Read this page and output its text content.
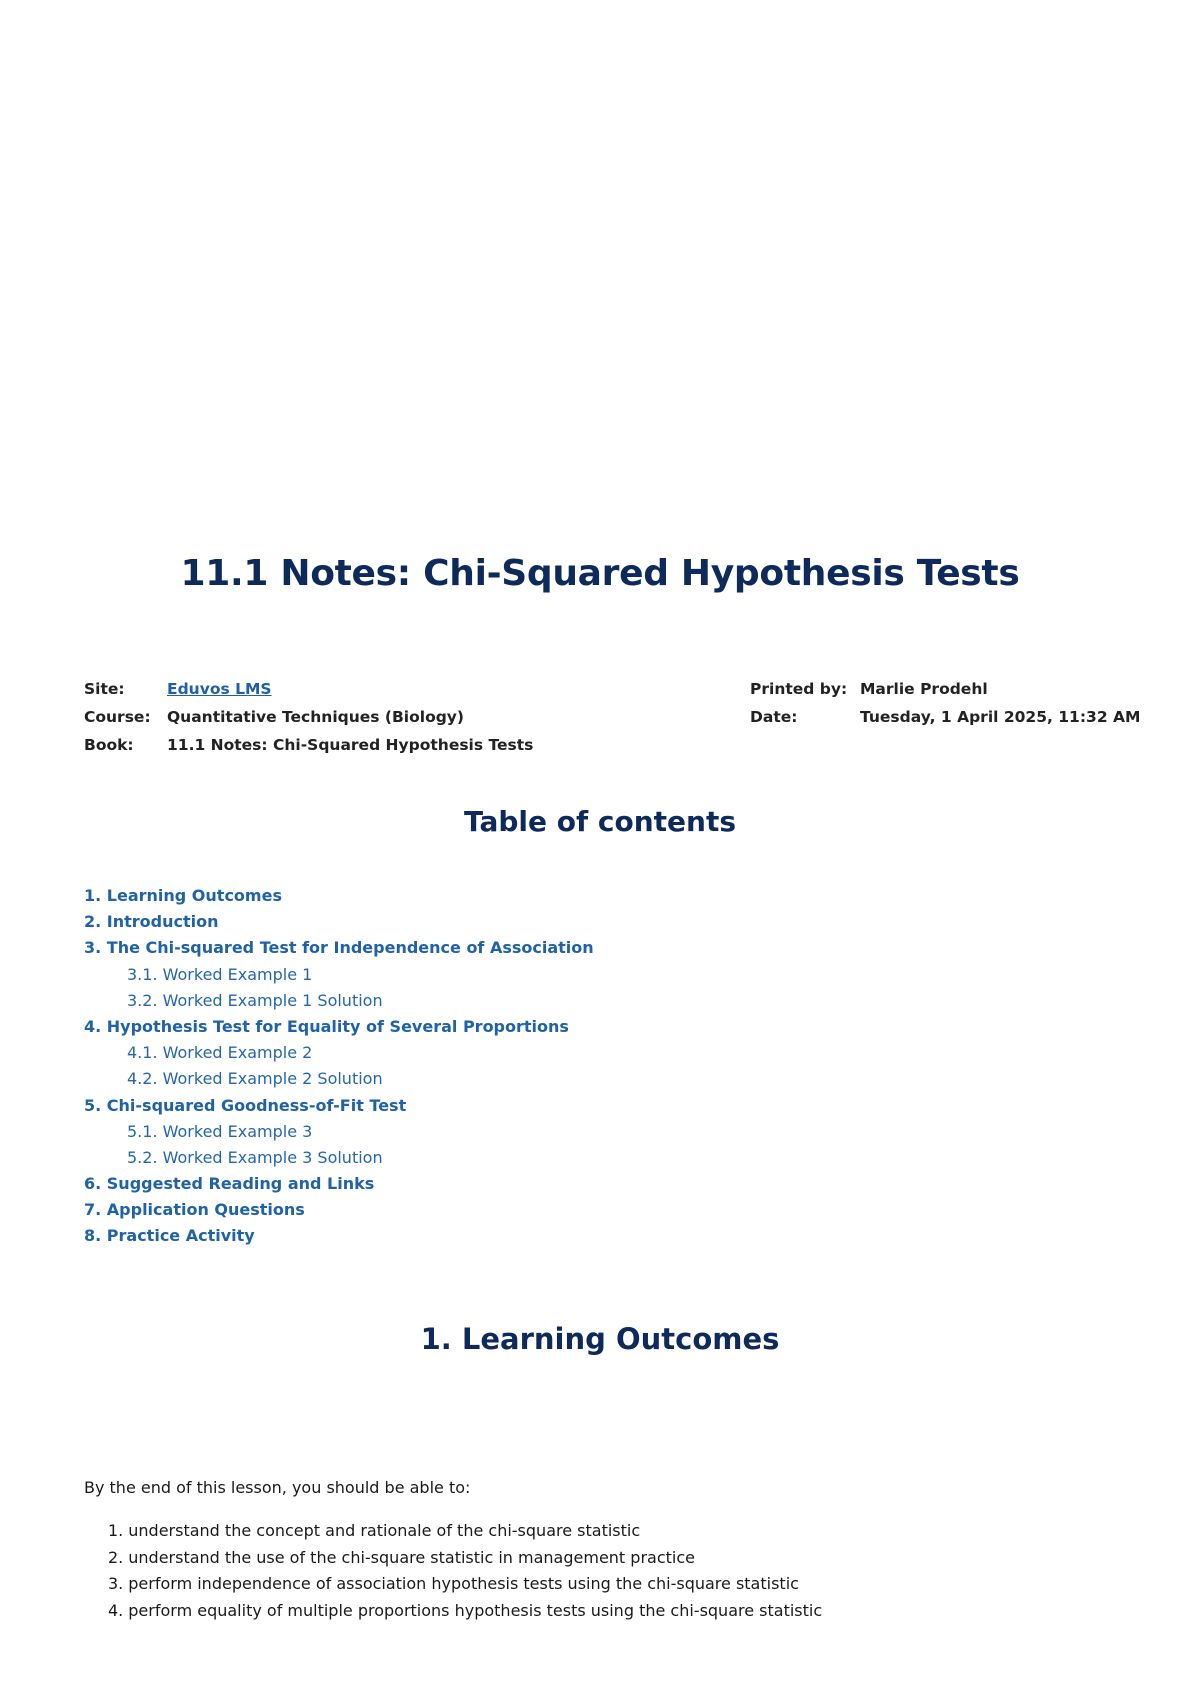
11.1 Notes: Chi-Squared Hypothesis Tests
Site:	Eduvos LMS
Course:	Quantitative Techniques (Biology)
Book:	11.1 Notes: Chi-Squared Hypothesis Tests
Printed by: Marlie Prodehl
Date:	Tuesday, 1 April 2025, 11:32 AM
Table of contents
1. Learning Outcomes
2. Introduction
3. The Chi-squared Test for Independence of Association
3.1. Worked Example 1
3.2. Worked Example 1 Solution
4. Hypothesis Test for Equality of Several Proportions
4.1. Worked Example 2
4.2. Worked Example 2 Solution
5. Chi-squared Goodness-of-Fit Test
5.1. Worked Example 3
5.2. Worked Example 3 Solution
6. Suggested Reading and Links
7. Application Questions
8. Practice Activity
1. Learning Outcomes

By the end of this lesson, you should be able to:

1. understand the concept and rationale of the chi-square statistic
2. understand the use of the chi-square statistic in management practice
3. perform independence of association hypothesis tests using the chi-square statistic
4. perform equality of multiple proportions hypothesis tests using the chi-square statistic
